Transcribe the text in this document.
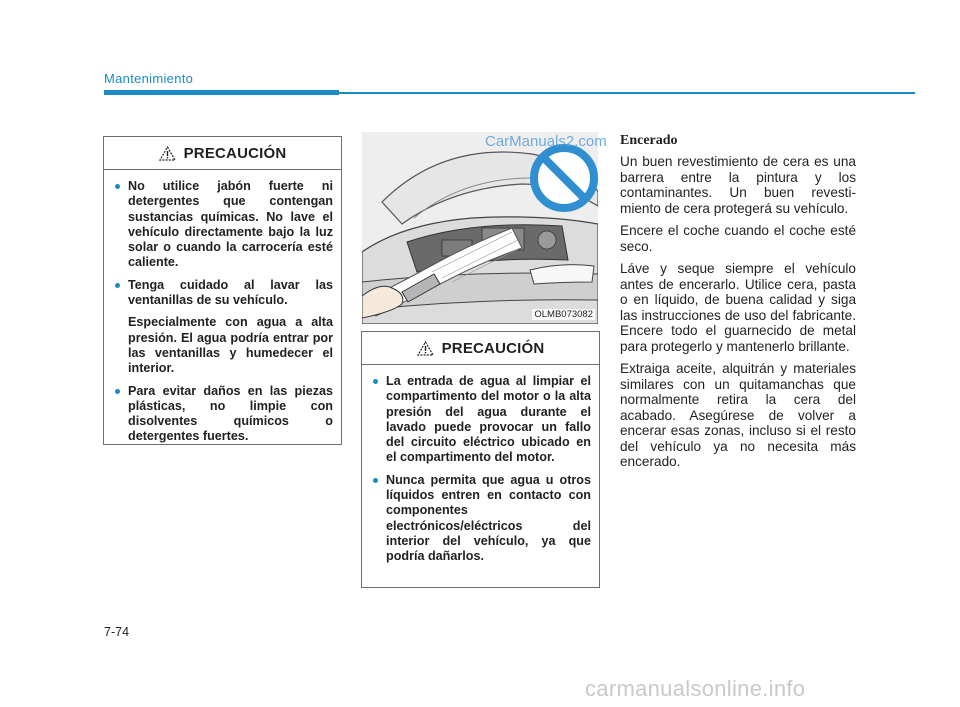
Mantenimiento
PRECAUCIÓN
No utilice jabón fuerte ni detergentes que contengan sustancias químicas. No lave el vehículo directamente bajo la luz solar o cuando la carrocería esté caliente.
Tenga cuidado al lavar las ventanillas de su vehículo.
Especialmente con agua a alta presión. El agua podría entrar por las ventanillas y humedecer el interior.
Para evitar daños en las piezas plásticas, no limpie con disolventes químicos o detergentes fuertes.
OLMB073082
PRECAUCIÓN
La entrada de agua al limpiar el compartimento del motor o la alta presión del agua durante el lavado puede provocar un fallo del circuito eléctrico ubicado en el compartimento del motor.
Nunca permita que agua u otros líquidos entren en contacto con componentes electrónicos/eléctricos del interior del vehículo, ya que podría dañarlos.
Encerado

Un buen revestimiento de cera es una barrera entre la pintura y los contaminantes. Un buen revesti-miento de cera protegerá su vehículo.

Encere el coche cuando el coche esté seco.

Láve y seque siempre el vehículo antes de encerarlo. Utilice cera, pasta o en líquido, de buena calidad y siga las instrucciones de uso del fabricante. Encere todo el guarnecido de metal para protegerlo y mantenerlo brillante.

Extraiga aceite, alquitrán y materiales similares con un quitamanchas que normalmente retira la cera del acabado. Asegúrese de volver a encerar esas zonas, incluso si el resto del vehículo ya no necesita más encerado.

7-74
CarManuals2.com
carmanualsonline.info
